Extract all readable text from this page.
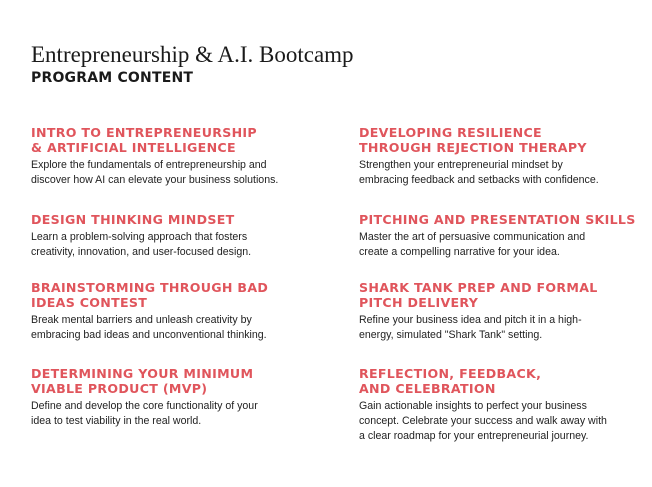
Entrepreneurship & A.I. Bootcamp
PROGRAM CONTENT
INTRO TO ENTREPRENEURSHIP
& ARTIFICIAL INTELLIGENCE

Explore the fundamentals of entrepreneurship and
discover how AI can elevate your business solutions.

DEVELOPING RESILIENCE
THROUGH REJECTION THERAPY

Strengthen your entrepreneurial mindset by
embracing feedback and setbacks with confidence.

DESIGN THINKING MINDSET

Learn a problem-solving approach that fosters
creativity, innovation, and user-focused design.

PITCHING AND PRESENTATION SKILLS

Master the art of persuasive communication and
create a compelling narrative for your idea.

BRAINSTORMING THROUGH BAD
IDEAS CONTEST

Break mental barriers and unleash creativity by
embracing bad ideas and unconventional thinking.

SHARK TANK PREP AND FORMAL
PITCH DELIVERY

Refine your business idea and pitch it in a high-
energy, simulated "Shark Tank" setting.

DETERMINING YOUR MINIMUM
VIABLE PRODUCT (MVP)

Define and develop the core functionality of your
idea to test viability in the real world.

REFLECTION, FEEDBACK,
AND CELEBRATION

Gain actionable insights to perfect your business
concept. Celebrate your success and walk away with
a clear roadmap for your entrepreneurial journey.
